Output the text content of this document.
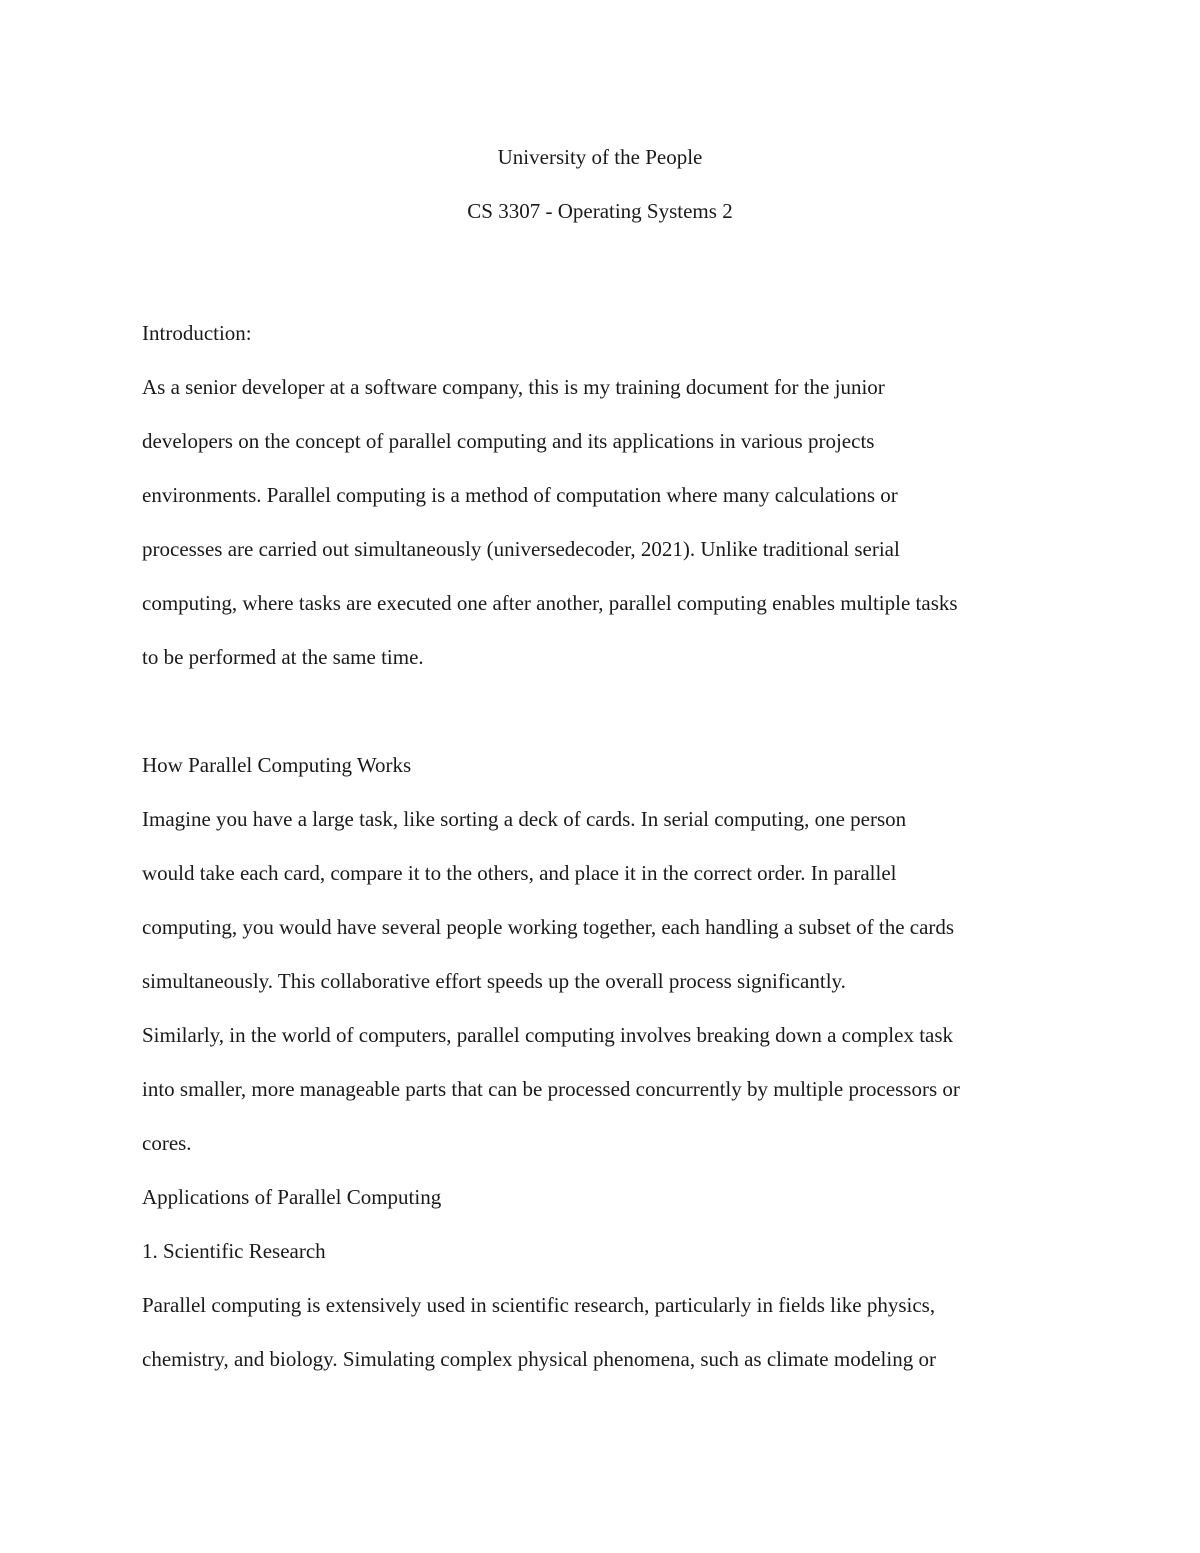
University of the People
CS 3307 - Operating Systems 2
Introduction:
As a senior developer at a software company, this is my training document for the junior
developers on the concept of parallel computing and its applications in various projects
environments. Parallel computing is a method of computation where many calculations or
processes are carried out simultaneously (universedecoder, 2021). Unlike traditional serial
computing, where tasks are executed one after another, parallel computing enables multiple tasks
to be performed at the same time.
How Parallel Computing Works
Imagine you have a large task, like sorting a deck of cards. In serial computing, one person
would take each card, compare it to the others, and place it in the correct order. In parallel
computing, you would have several people working together, each handling a subset of the cards
simultaneously. This collaborative effort speeds up the overall process significantly.
Similarly, in the world of computers, parallel computing involves breaking down a complex task
into smaller, more manageable parts that can be processed concurrently by multiple processors or
cores.
Applications of Parallel Computing
1. Scientific Research
Parallel computing is extensively used in scientific research, particularly in fields like physics,
chemistry, and biology. Simulating complex physical phenomena, such as climate modeling or
